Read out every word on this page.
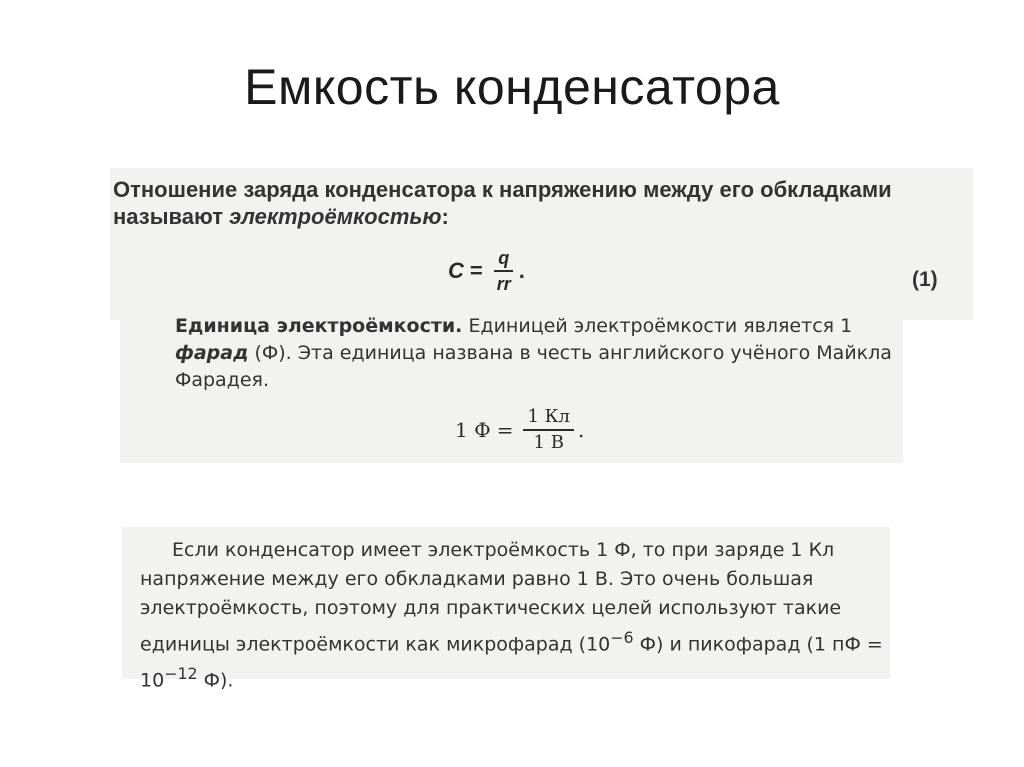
Емкость конденсатора
Отношение заряда конденсатора к напряжению между его обкладками называют электроёмкостью:
$C = \frac{q}{rr}$ .	(1)
Единица электроёмкости. Единицей электроёмкости является 1 фарад (Ф). Эта единица названа в честь английского учёного Майкла Фарадея.
1 $Ф = \frac{1 Кл}{1 В}$ .
Если конденсатор имеет электроёмкость 1 Ф, то при заряде 1 Кл напряжение между его обкладками равно 1 В. Это очень большая электроёмкость, поэтому для практических целей используют такие единицы электроёмкости как микрофарад ($10^{-6}$ Ф) и пикофарад (1 пФ = $10^{-12}$ Ф).
